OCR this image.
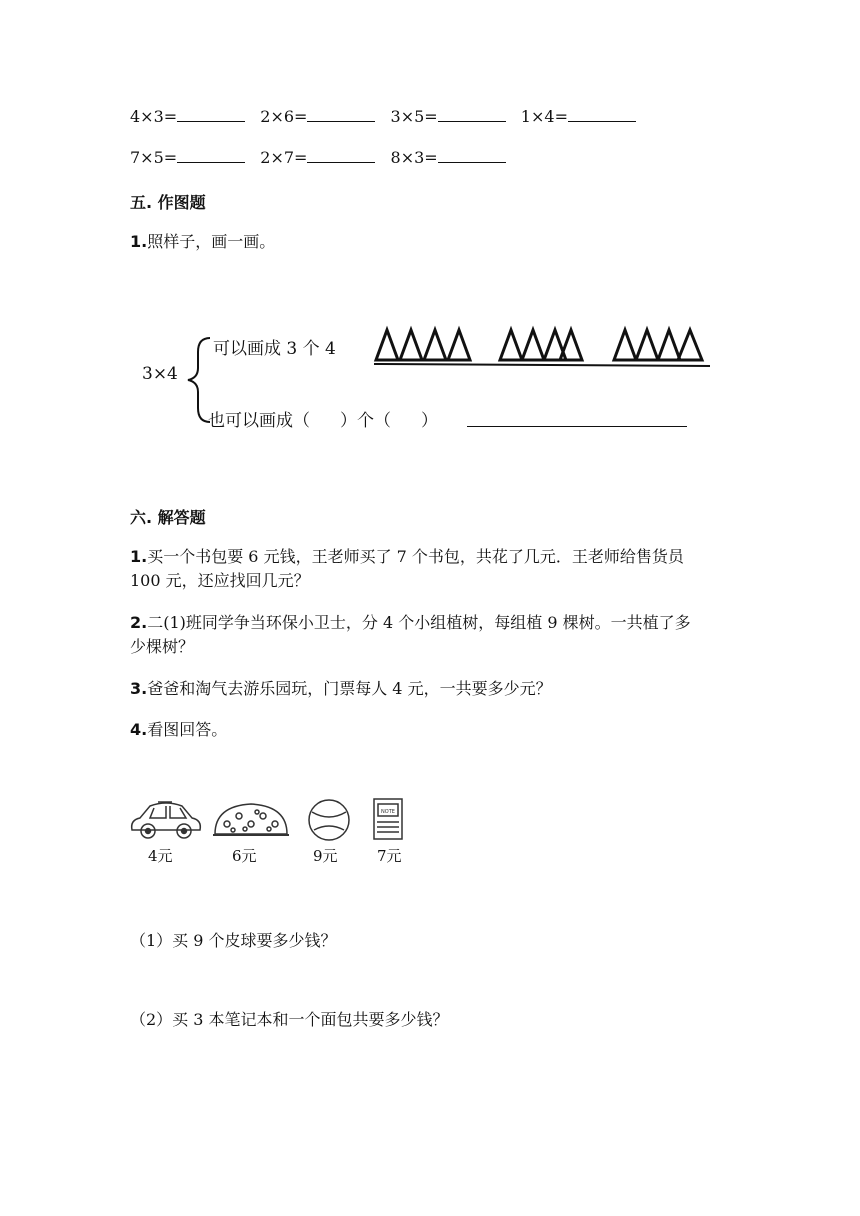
4×3=	2×6=	3×5=	1×4=
7×5=	2×7=	8×3=
五. 作图题
1.照样子，画一画。
3×4
可以画成 3 个 4
也可以画成（ ）个（ ）
六. 解答题
1.买一个书包要 6 元钱，王老师买了 7 个书包，共花了几元．王老师给售货员
100 元，还应找回几元？
2.二(1)班同学争当环保小卫士，分 4 个小组植树，每组植 9 棵树。一共植了多
少棵树？
3.爸爸和淘气去游乐园玩，门票每人 4 元，一共要多少元？
4.看图回答。
4元	6元	9元
NOTE
7元
（1）买 9 个皮球要多少钱？
（2）买 3 本笔记本和一个面包共要多少钱？
